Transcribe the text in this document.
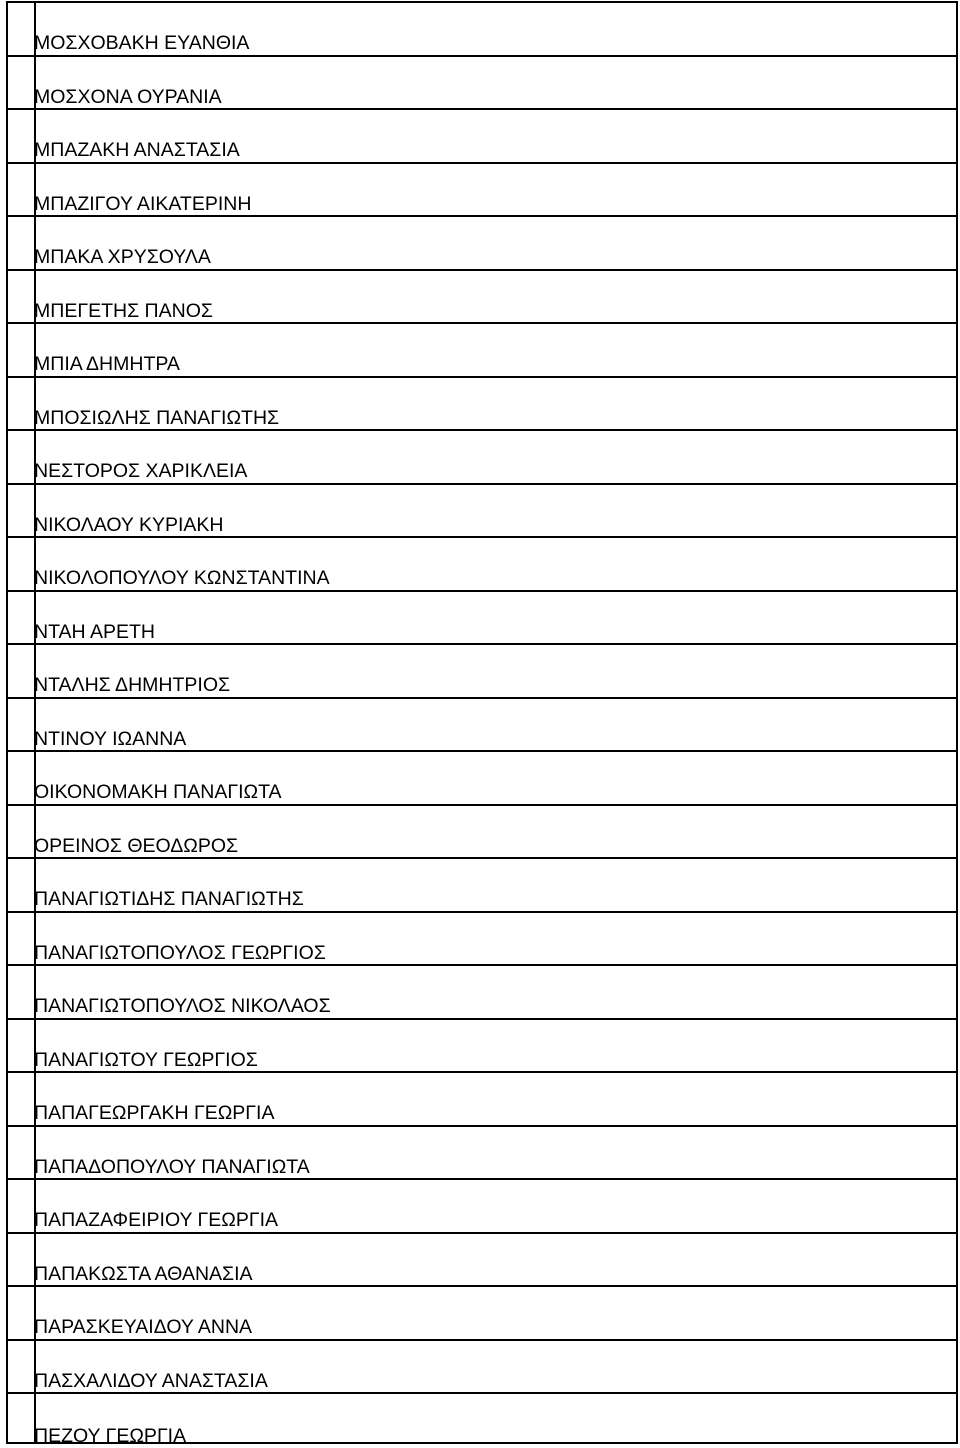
ΜΟΣΧΟΒΑΚΗ ΕΥΑΝΘΙΑ
ΜΟΣΧΟΝΑ ΟΥΡΑΝΙΑ
ΜΠΑΖΑΚΗ ΑΝΑΣΤΑΣΙΑ
ΜΠΑΖΙΓΟΥ ΑΙΚΑΤΕΡΙΝΗ
ΜΠΑΚΑ ΧΡΥΣΟΥΛΑ
ΜΠΕΓΕΤΗΣ ΠΑΝΟΣ
ΜΠΙΑ ΔΗΜΗΤΡΑ
ΜΠΟΣΙΩΛΗΣ ΠΑΝΑΓΙΩΤΗΣ
ΝΕΣΤΟΡΟΣ ΧΑΡΙΚΛΕΙΑ
ΝΙΚΟΛΑΟΥ ΚΥΡΙΑΚΗ
ΝΙΚΟΛΟΠΟΥΛΟΥ ΚΩΝΣΤΑΝΤΙΝΑ
ΝΤΑΗ ΑΡΕΤΗ
ΝΤΑΛΗΣ ΔΗΜΗΤΡΙΟΣ
ΝΤΙΝΟΥ ΙΩΑΝΝΑ
ΟΙΚΟΝΟΜΑΚΗ ΠΑΝΑΓΙΩΤΑ
ΟΡΕΙΝΟΣ ΘΕΟΔΩΡΟΣ
ΠΑΝΑΓΙΩΤΙΔΗΣ ΠΑΝΑΓΙΩΤΗΣ
ΠΑΝΑΓΙΩΤΟΠΟΥΛΟΣ ΓΕΩΡΓΙΟΣ
ΠΑΝΑΓΙΩΤΟΠΟΥΛΟΣ ΝΙΚΟΛΑΟΣ
ΠΑΝΑΓΙΩΤΟΥ ΓΕΩΡΓΙΟΣ
ΠΑΠΑΓΕΩΡΓΑΚΗ ΓΕΩΡΓΙΑ
ΠΑΠΑΔΟΠΟΥΛΟΥ ΠΑΝΑΓΙΩΤΑ
ΠΑΠΑΖΑΦΕΙΡΙΟΥ ΓΕΩΡΓΙΑ
ΠΑΠΑΚΩΣΤΑ ΑΘΑΝΑΣΙΑ
ΠΑΡΑΣΚΕΥΑΙΔΟΥ ΑΝΝΑ
ΠΑΣΧΑΛΙΔΟΥ ΑΝΑΣΤΑΣΙΑ
ΠΕΖΟΥ ΓΕΩΡΓΙΑ
